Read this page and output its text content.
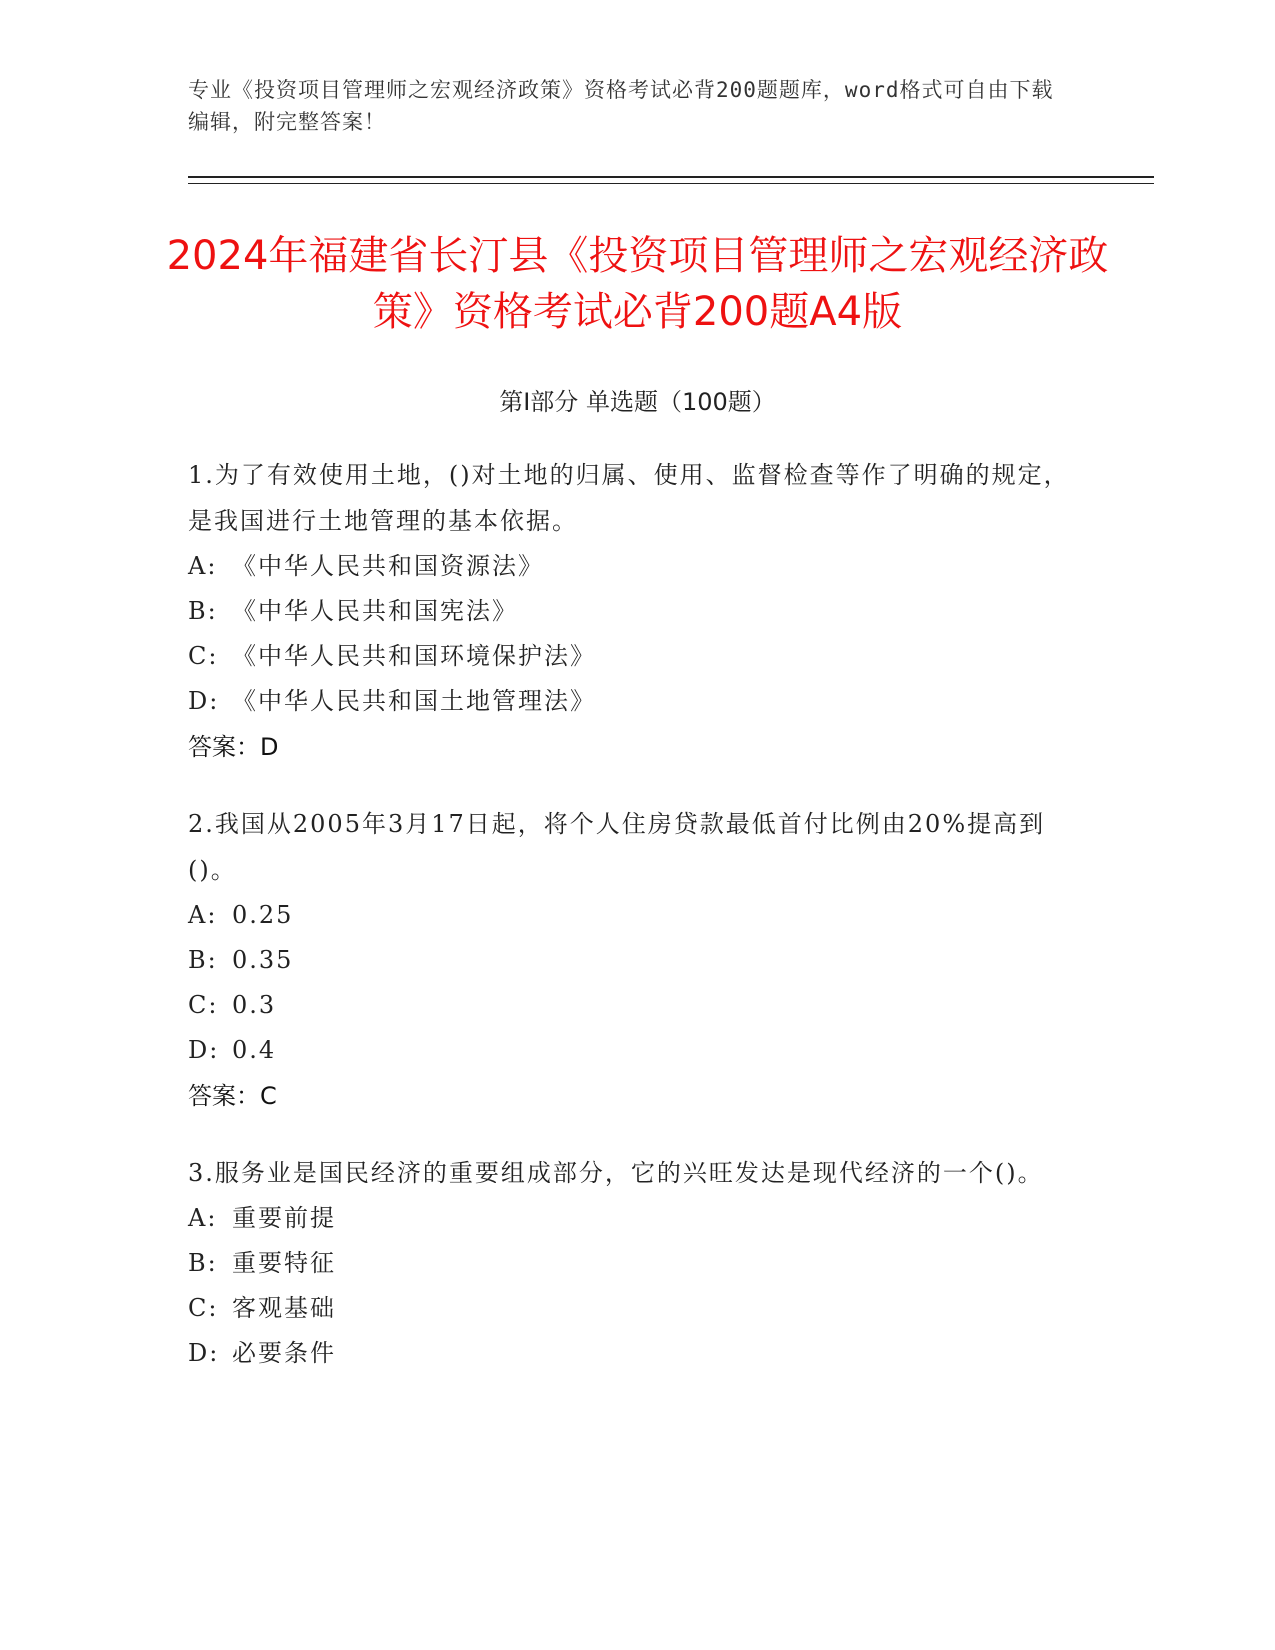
专业《投资项目管理师之宏观经济政策》资格考试必背200题题库，word格式可自由下载编辑，附完整答案！
2024年福建省长汀县《投资项目管理师之宏观经济政策》资格考试必背200题A4版
第Ⅰ部分 单选题（100题）
1.为了有效使用土地，()对土地的归属、使用、监督检查等作了明确的规定，是我国进行土地管理的基本依据。
A: 《中华人民共和国资源法》
B: 《中华人民共和国宪法》
C: 《中华人民共和国环境保护法》
D: 《中华人民共和国土地管理法》
答案：D
2.我国从2005年3月17日起，将个人住房贷款最低首付比例由20%提高到()。
A: 0.25
B: 0.35
C: 0.3
D: 0.4
答案：C
3.服务业是国民经济的重要组成部分，它的兴旺发达是现代经济的一个()。
A: 重要前提
B: 重要特征
C: 客观基础
D: 必要条件
